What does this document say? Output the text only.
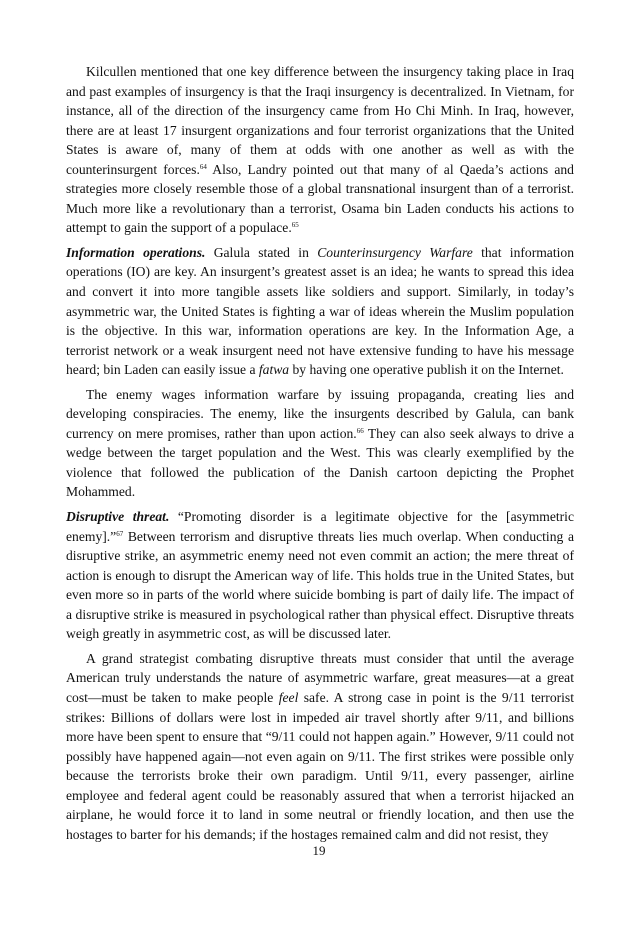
Kilcullen mentioned that one key difference between the insurgency taking place in Iraq and past examples of insurgency is that the Iraqi insurgency is decentralized. In Vietnam, for instance, all of the direction of the insurgency came from Ho Chi Minh. In Iraq, however, there are at least 17 insurgent organizations and four terrorist organizations that the United States is aware of, many of them at odds with one another as well as with the counterinsurgent forces.$^{64}$ Also, Landry pointed out that many of al Qaeda’s actions and strategies more closely resemble those of a global transnational insurgent than of a terrorist. Much more like a revolutionary than a terrorist, Osama bin Laden conducts his actions to attempt to gain the support of a populace.$^{65}$

Information operations. Galula stated in Counterinsurgency Warfare that information operations (IO) are key. An insurgent’s greatest asset is an idea; he wants to spread this idea and convert it into more tangible assets like soldiers and support. Similarly, in today’s asymmetric war, the United States is fighting a war of ideas wherein the Muslim population is the objective. In this war, information operations are key. In the Information Age, a terrorist network or a weak insurgent need not have extensive funding to have his message heard; bin Laden can easily issue a fatwa by having one operative publish it on the Internet.

The enemy wages information warfare by issuing propaganda, creating lies and developing conspiracies. The enemy, like the insurgents described by Galula, can bank currency on mere promises, rather than upon action.$^{66}$ They can also seek always to drive a wedge between the target population and the West. This was clearly exemplified by the violence that followed the publication of the Danish cartoon depicting the Prophet Mohammed.

Disruptive threat. “Promoting disorder is a legitimate objective for the [asymmetric enemy].”$^{67}$ Between terrorism and disruptive threats lies much overlap. When conducting a disruptive strike, an asymmetric enemy need not even commit an action; the mere threat of action is enough to disrupt the American way of life. This holds true in the United States, but even more so in parts of the world where suicide bombing is part of daily life. The impact of a disruptive strike is measured in psychological rather than physical effect. Disruptive threats weigh greatly in asymmetric cost, as will be discussed later.

A grand strategist combating disruptive threats must consider that until the average American truly understands the nature of asymmetric warfare, great measures—at a great cost—must be taken to make people feel safe. A strong case in point is the 9/11 terrorist strikes: Billions of dollars were lost in impeded air travel shortly after 9/11, and billions more have been spent to ensure that “9/11 could not happen again.” However, 9/11 could not possibly have happened again—not even again on 9/11. The first strikes were possible only because the terrorists broke their own paradigm. Until 9/11, every passenger, airline employee and federal agent could be reasonably assured that when a terrorist hijacked an airplane, he would force it to land in some neutral or friendly location, and then use the hostages to barter for his demands; if the hostages remained calm and did not resist, they

19
